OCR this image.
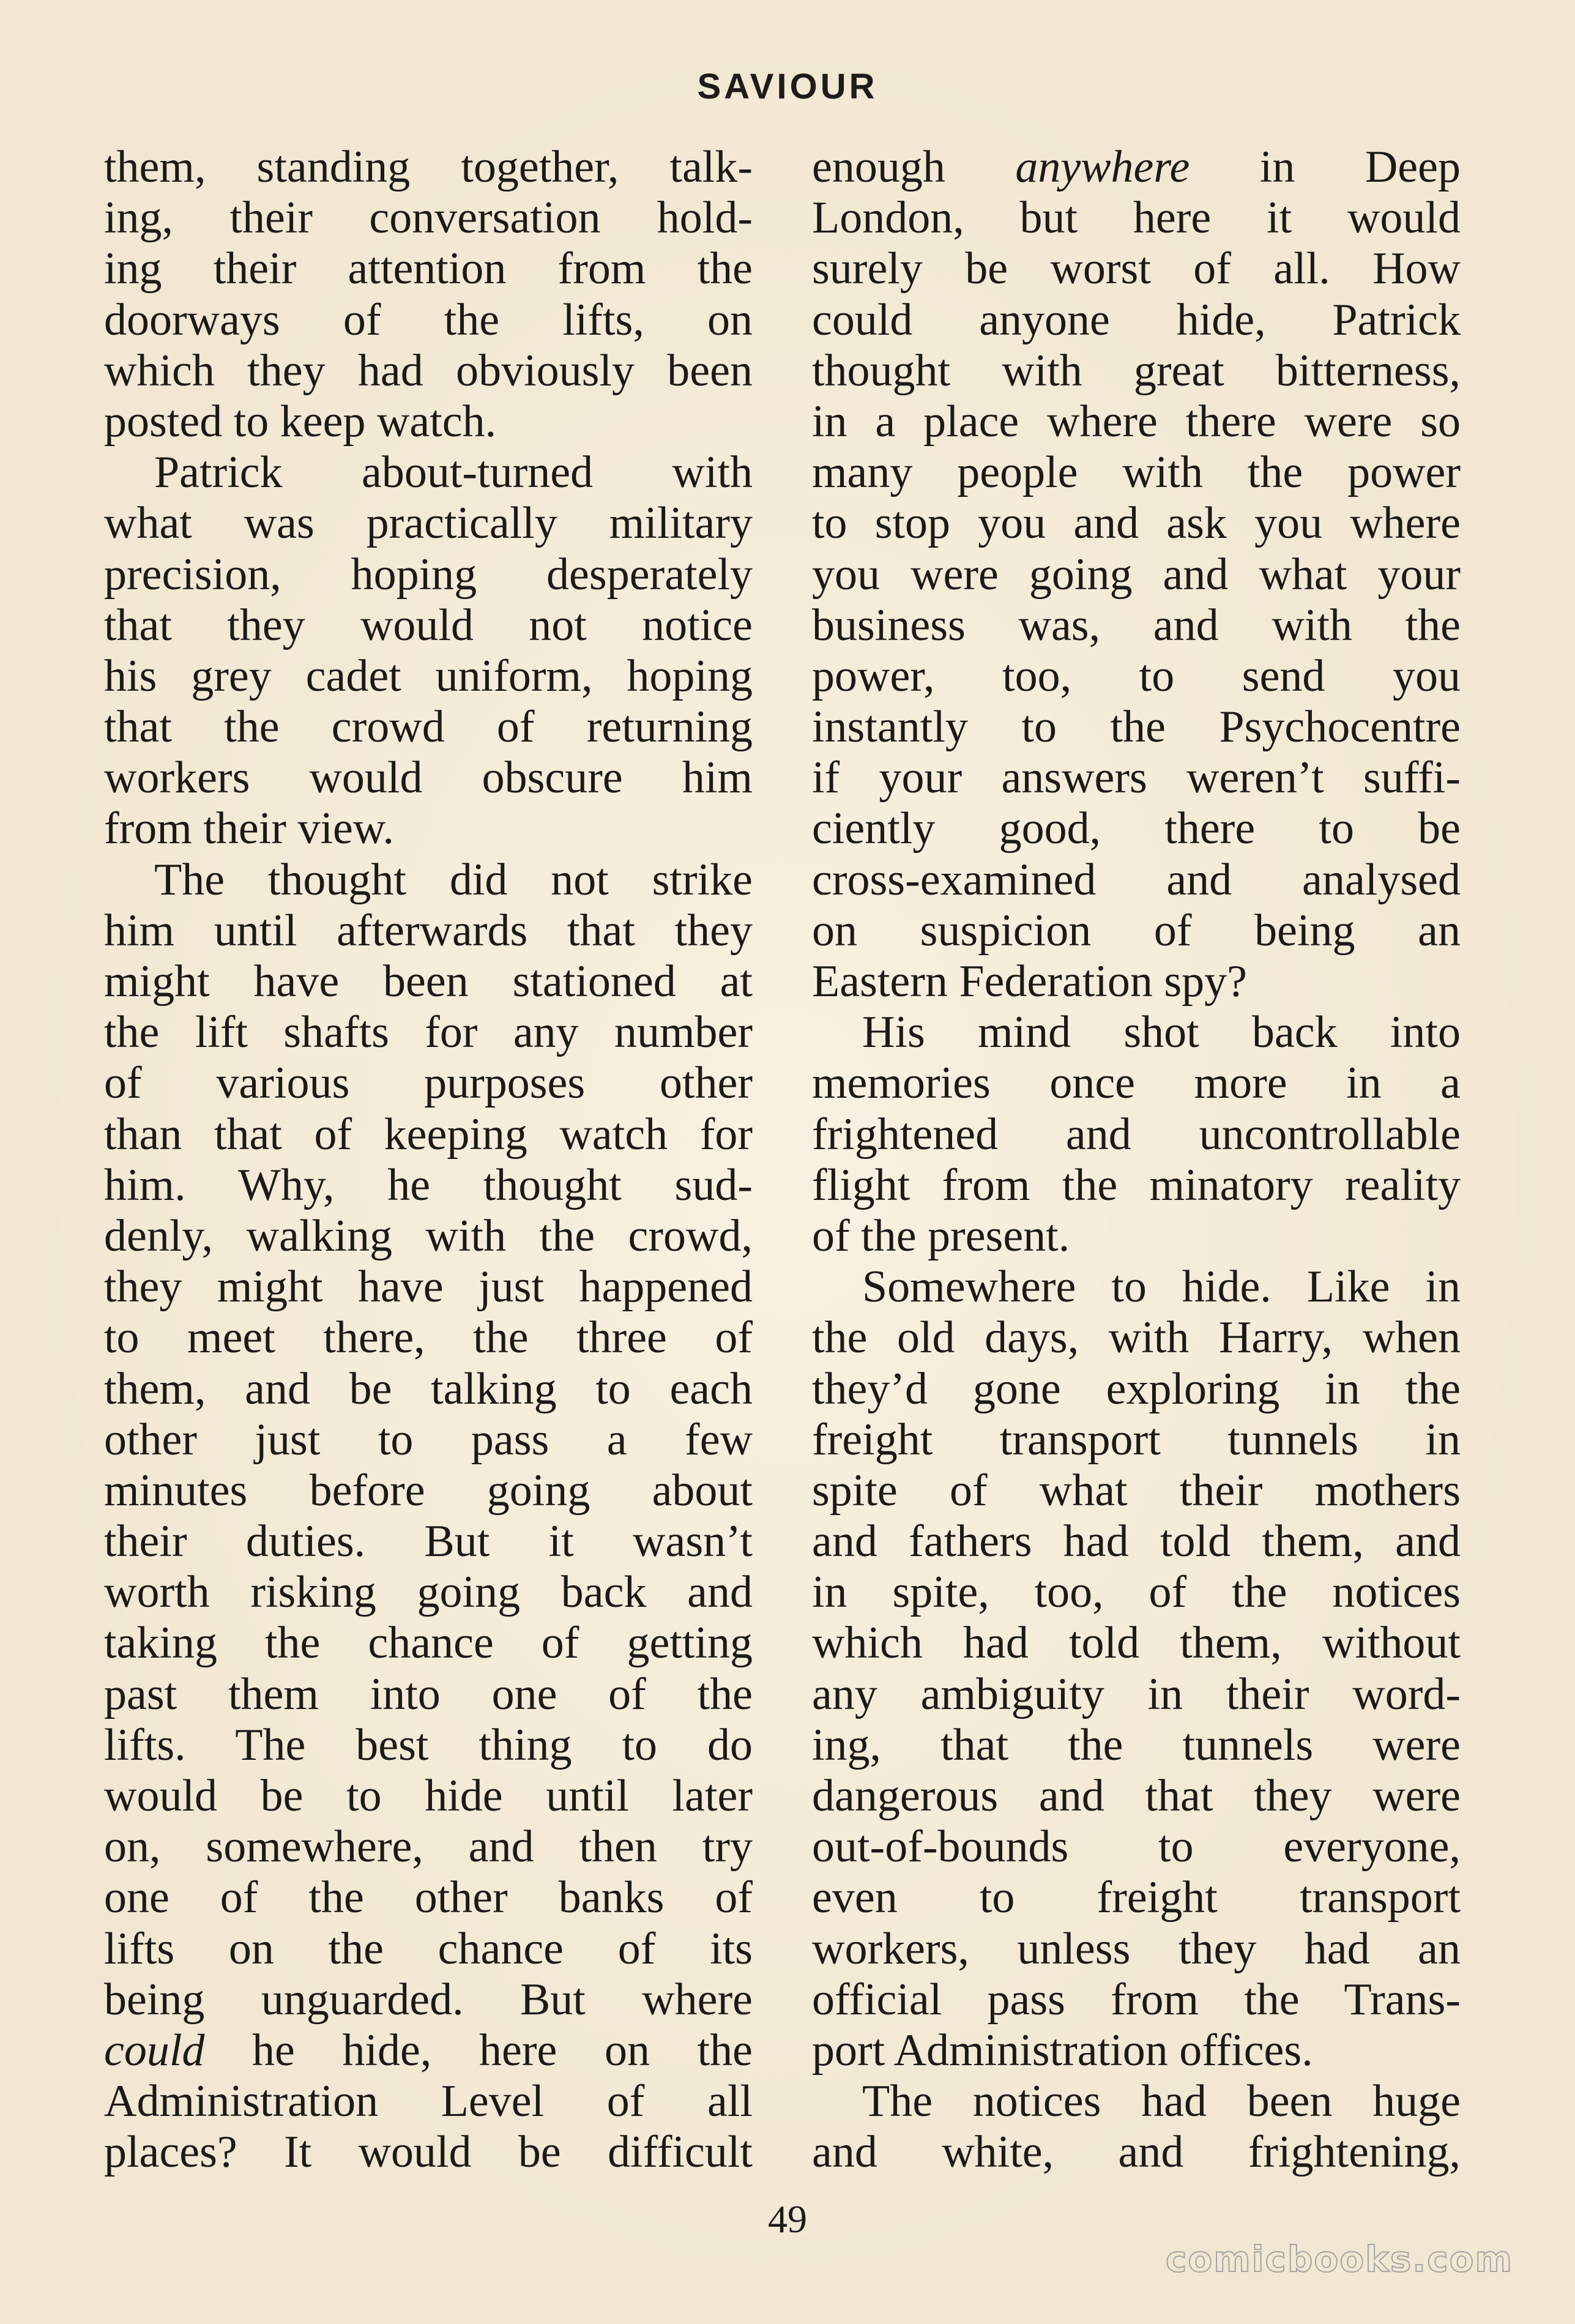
SAVIOUR
them, standing together, talk-
ing, their conversation hold-
ing their attention from the
doorways of the lifts, on
which they had obviously been
posted to keep watch.
Patrick about-turned with
what was practically military
precision, hoping desperately
that they would not notice
his grey cadet uniform, hoping
that the crowd of returning
workers would obscure him
from their view.
The thought did not strike
him until afterwards that they
might have been stationed at
the lift shafts for any number
of various purposes other
than that of keeping watch for
him. Why, he thought sud-
denly, walking with the crowd,
they might have just happened
to meet there, the three of
them, and be talking to each
other just to pass a few
minutes before going about
their duties. But it wasn’t
worth risking going back and
taking the chance of getting
past them into one of the
lifts. The best thing to do
would be to hide until later
on, somewhere, and then try
one of the other banks of
lifts on the chance of its
being unguarded. But where
could he hide, here on the
Administration Level of all
places? It would be difficult
enough anywhere in Deep
London, but here it would
surely be worst of all. How
could anyone hide, Patrick
thought with great bitterness,
in a place where there were so
many people with the power
to stop you and ask you where
you were going and what your
business was, and with the
power, too, to send you
instantly to the Psychocentre
if your answers weren’t suffi-
ciently good, there to be
cross-examined and analysed
on suspicion of being an
Eastern Federation spy?
His mind shot back into
memories once more in a
frightened and uncontrollable
flight from the minatory reality
of the present.
Somewhere to hide. Like in
the old days, with Harry, when
they’d gone exploring in the
freight transport tunnels in
spite of what their mothers
and fathers had told them, and
in spite, too, of the notices
which had told them, without
any ambiguity in their word-
ing, that the tunnels were
dangerous and that they were
out-of-bounds to everyone,
even to freight transport
workers, unless they had an
official pass from the Trans-
port Administration offices.
The notices had been huge
and white, and frightening,
49
comicbooks.com
